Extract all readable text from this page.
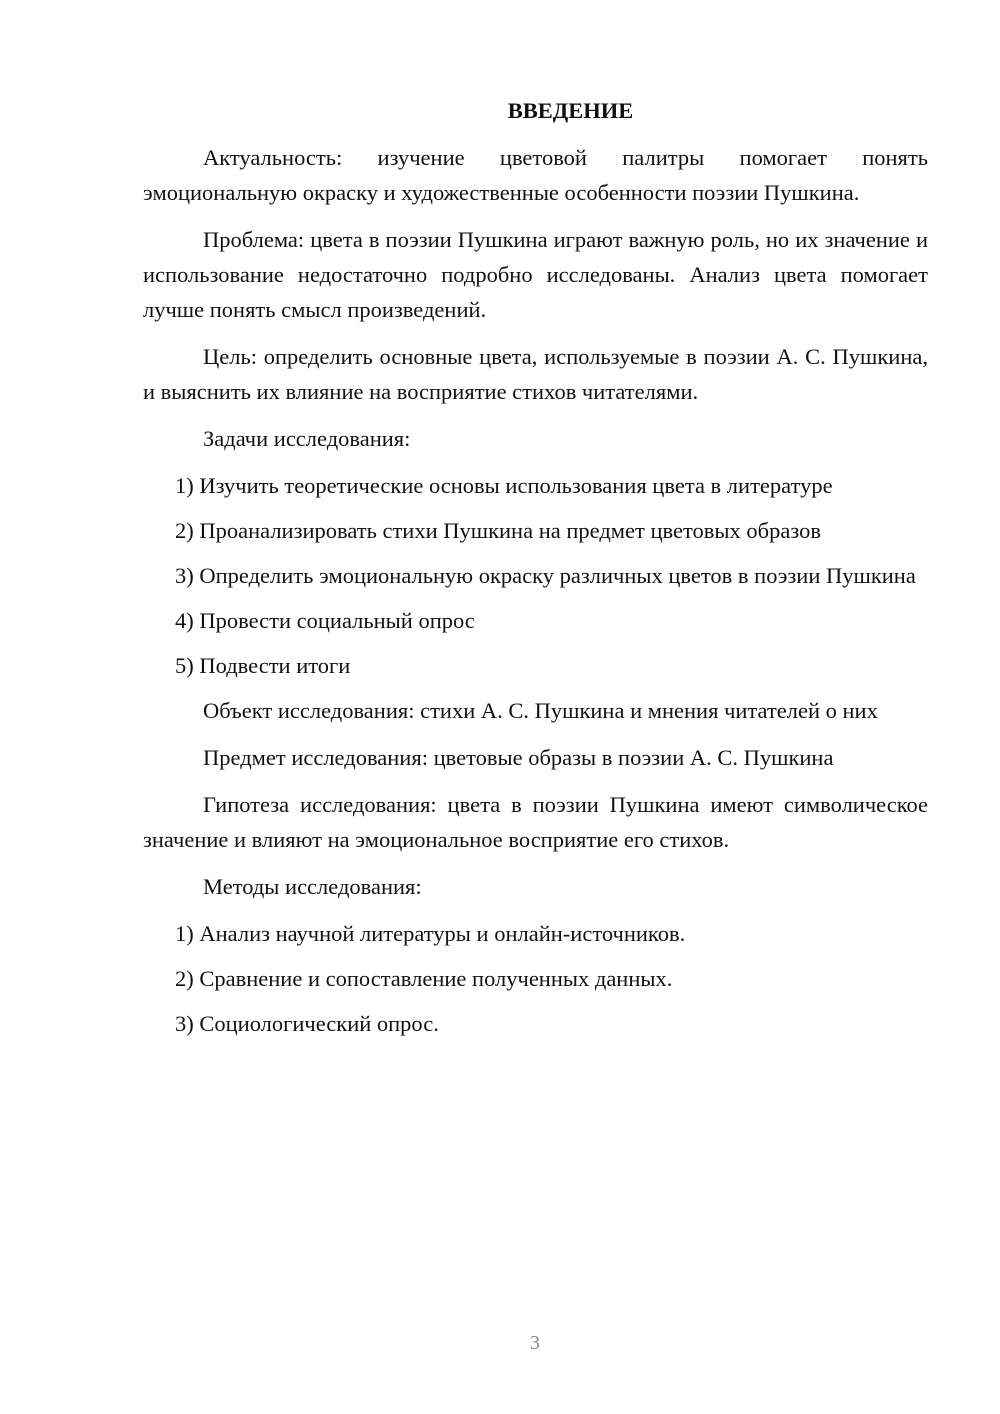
ВВЕДЕНИЕ

Актуальность: изучение цветовой палитры помогает понять эмоциональную окраску и художественные особенности поэзии Пушкина.

Проблема: цвета в поэзии Пушкина играют важную роль, но их значение и использование недостаточно подробно исследованы. Анализ цвета помогает лучше понять смысл произведений.

Цель: определить основные цвета, используемые в поэзии А. С. Пушкина, и выяснить их влияние на восприятие стихов читателями.

Задачи исследования:

1) Изучить теоретические основы использования цвета в литературе

2) Проанализировать стихи Пушкина на предмет цветовых образов

3) Определить эмоциональную окраску различных цветов в поэзии Пушкина

4) Провести социальный опрос

5) Подвести итоги

Объект исследования: стихи А. С. Пушкина и мнения читателей о них

Предмет исследования: цветовые образы в поэзии А. С. Пушкина

Гипотеза исследования: цвета в поэзии Пушкина имеют символическое значение и влияют на эмоциональное восприятие его стихов.

Методы исследования:

1) Анализ научной литературы и онлайн-источников.

2) Сравнение и сопоставление полученных данных.

3) Социологический опрос.

3
